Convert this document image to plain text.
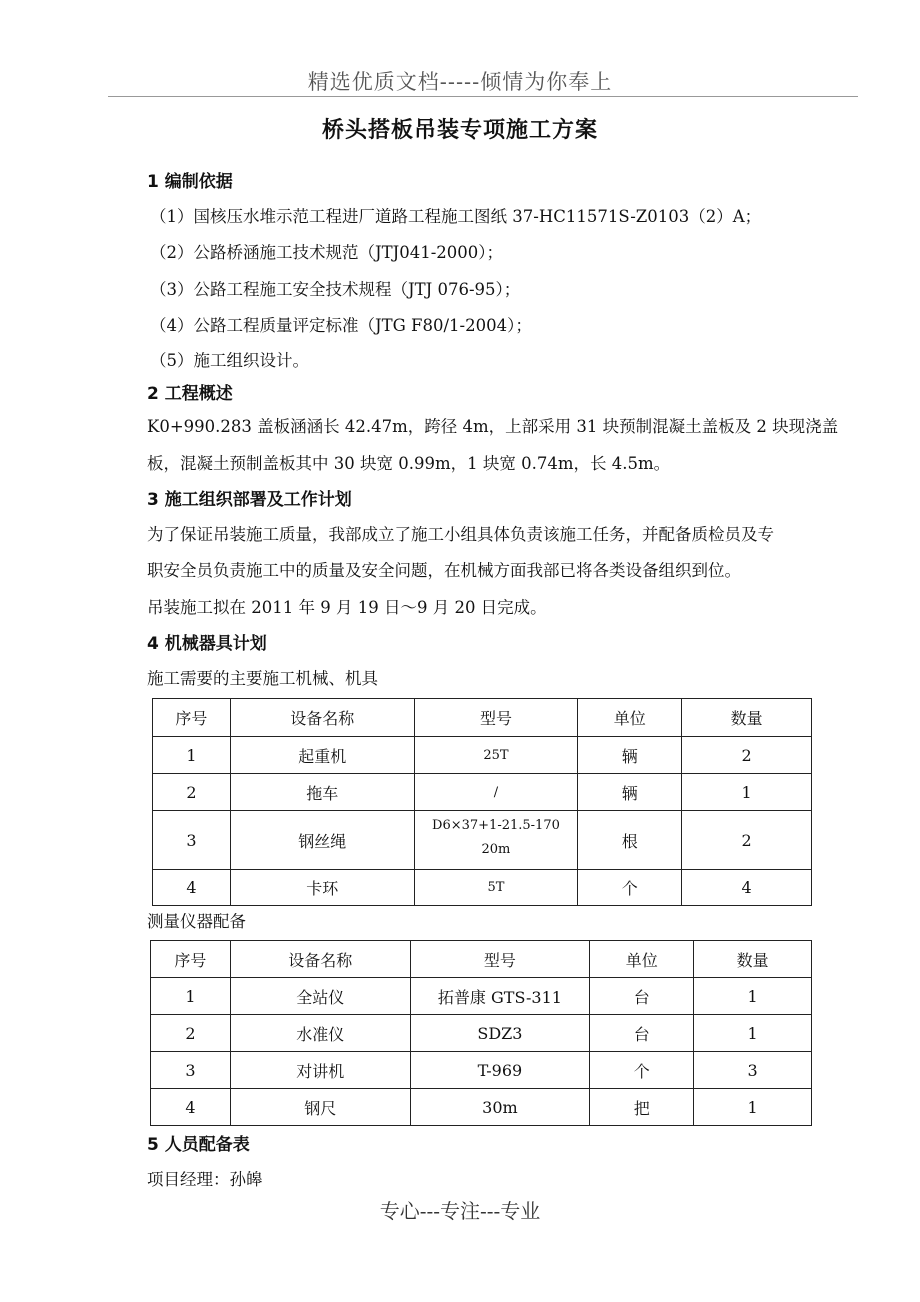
精选优质文档-----倾情为你奉上
桥头搭板吊装专项施工方案
1 编制依据
（1）国核压水堆示范工程进厂道路工程施工图纸 37-HC11571S-Z0103（2）A；
（2）公路桥涵施工技术规范（JTJ041-2000）；
（3）公路工程施工安全技术规程（JTJ 076-95）；
（4）公路工程质量评定标准（JTG F80/1-2004）；
（5）施工组织设计。
2 工程概述
K0+990.283 盖板涵涵长 42.47m，跨径 4m，上部采用 31 块预制混凝土盖板及 2 块现浇盖
板，混凝土预制盖板其中 30 块宽 0.99m，1 块宽 0.74m，长 4.5m。
3 施工组织部署及工作计划
为了保证吊装施工质量，我部成立了施工小组具体负责该施工任务，并配备质检员及专
职安全员负责施工中的质量及安全问题，在机械方面我部已将各类设备组织到位。
吊装施工拟在 2011 年 9 月 19 日～9 月 20 日完成。
4 机械器具计划
施工需要的主要施工机械、机具
序号	设备名称	型号	单位	数量
1	起重机	25T	辆	2
2	拖车	/	辆	1
3	钢丝绳	D6×37+1-21.5-170
20m	根	2
4	卡环	5T	个	4
测量仪器配备
序号	设备名称	型号	单位	数量
1	全站仪	拓普康 GTS-311	台	1
2	水准仪	SDZ3	台	1
3	对讲机	T-969	个	3
4	钢尺	30m	把	1
5 人员配备表
项目经理：孙皞
专心---专注---专业
